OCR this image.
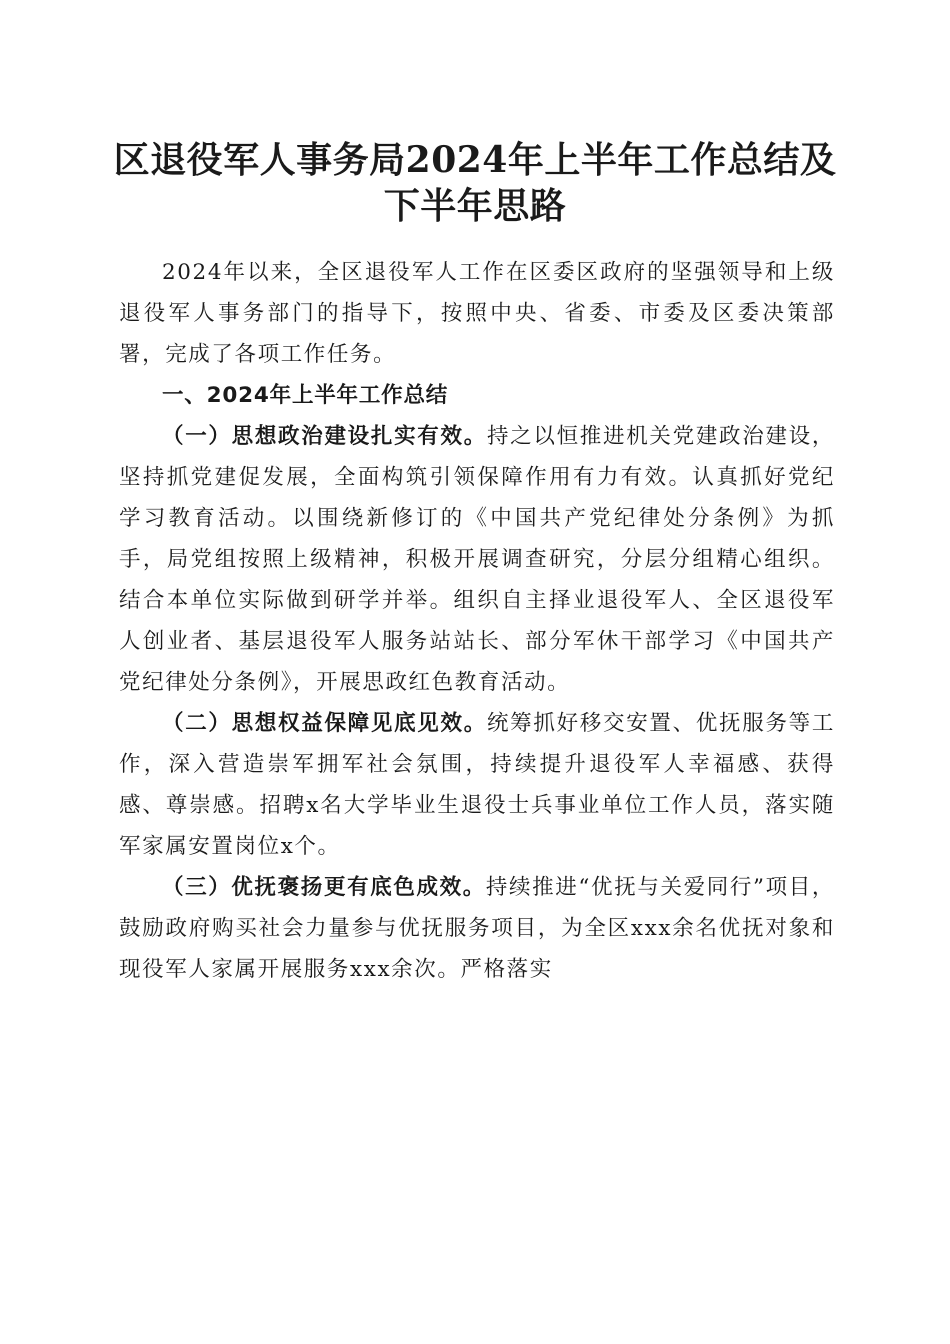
区退役军人事务局2024年上半年工作总结及
下半年思路

2024年以来，全区退役军人工作在区委区政府的坚强领导和上级退役军人事务部门的指导下，按照中央、省委、市委及区委决策部署，完成了各项工作任务。

一、2024年上半年工作总结

（一）思想政治建设扎实有效。持之以恒推进机关党建政治建设，坚持抓党建促发展，全面构筑引领保障作用有力有效。认真抓好党纪学习教育活动。以围绕新修订的《中国共产党纪律处分条例》为抓手，局党组按照上级精神，积极开展调查研究，分层分组精心组织。结合本单位实际做到研学并举。组织自主择业退役军人、全区退役军人创业者、基层退役军人服务站站长、部分军休干部学习《中国共产党纪律处分条例》，开展思政红色教育活动。

（二）思想权益保障见底见效。统筹抓好移交安置、优抚服务等工作，深入营造崇军拥军社会氛围，持续提升退役军人幸福感、获得感、尊崇感。招聘x名大学毕业生退役士兵事业单位工作人员，落实随军家属安置岗位x个。

（三）优抚褒扬更有底色成效。持续推进“优抚与关爱同行”项目，鼓励政府购买社会力量参与优抚服务项目，为全区xxx余名优抚对象和现役军人家属开展服务xxx余次。严格落实
